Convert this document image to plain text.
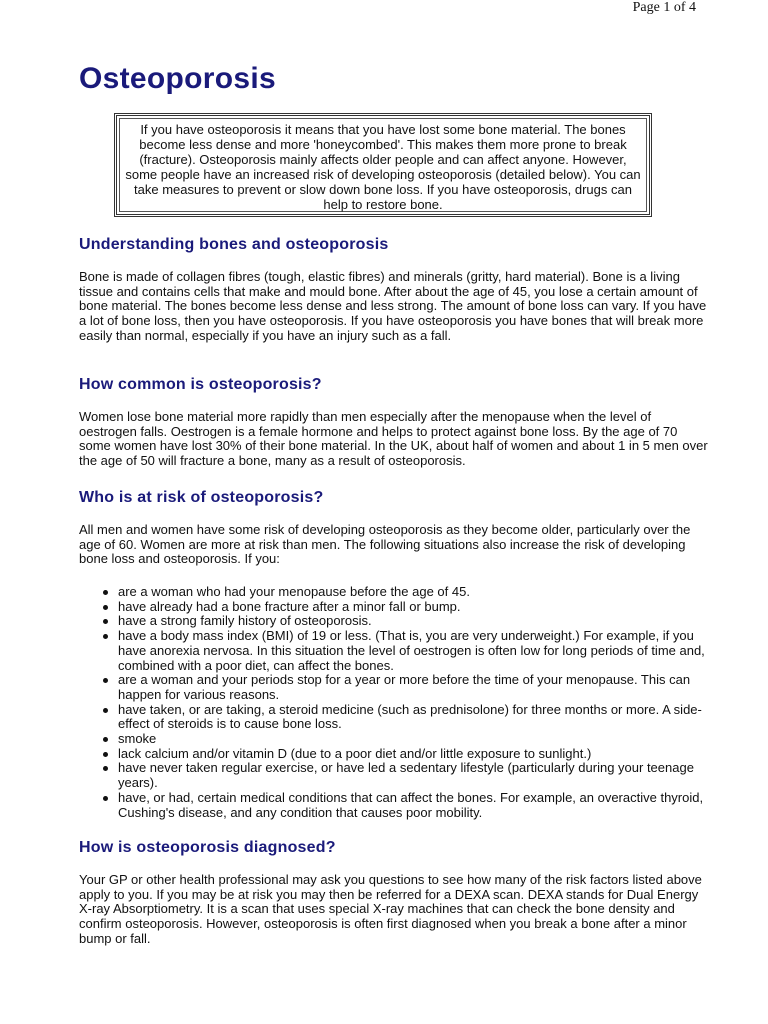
Page 1 of 4
Osteoporosis

If you have osteoporosis it means that you have lost some bone material. The bones become less dense and more 'honeycombed'. This makes them more prone to break (fracture). Osteoporosis mainly affects older people and can affect anyone. However, some people have an increased risk of developing osteoporosis (detailed below). You can take measures to prevent or slow down bone loss. If you have osteoporosis, drugs can help to restore bone.

Understanding bones and osteoporosis

Bone is made of collagen fibres (tough, elastic fibres) and minerals (gritty, hard material). Bone is a living tissue and contains cells that make and mould bone. After about the age of 45, you lose a certain amount of bone material. The bones become less dense and less strong. The amount of bone loss can vary. If you have a lot of bone loss, then you have osteoporosis. If you have osteoporosis you have bones that will break more easily than normal, especially if you have an injury such as a fall.

How common is osteoporosis?

Women lose bone material more rapidly than men especially after the menopause when the level of oestrogen falls. Oestrogen is a female hormone and helps to protect against bone loss. By the age of 70 some women have lost 30% of their bone material. In the UK, about half of women and about 1 in 5 men over the age of 50 will fracture a bone, many as a result of osteoporosis.

Who is at risk of osteoporosis?

All men and women have some risk of developing osteoporosis as they become older, particularly over the age of 60. Women are more at risk than men. The following situations also increase the risk of developing bone loss and osteoporosis. If you:

are a woman who had your menopause before the age of 45.
have already had a bone fracture after a minor fall or bump.
have a strong family history of osteoporosis.
have a body mass index (BMI) of 19 or less. (That is, you are very underweight.) For example, if you have anorexia nervosa. In this situation the level of oestrogen is often low for long periods of time and, combined with a poor diet, can affect the bones.
are a woman and your periods stop for a year or more before the time of your menopause. This can happen for various reasons.
have taken, or are taking, a steroid medicine (such as prednisolone) for three months or more. A side-effect of steroids is to cause bone loss.
smoke
lack calcium and/or vitamin D (due to a poor diet and/or little exposure to sunlight.)
have never taken regular exercise, or have led a sedentary lifestyle (particularly during your teenage years).
have, or had, certain medical conditions that can affect the bones. For example, an overactive thyroid, Cushing's disease, and any condition that causes poor mobility.
How is osteoporosis diagnosed?

Your GP or other health professional may ask you questions to see how many of the risk factors listed above apply to you. If you may be at risk you may then be referred for a DEXA scan. DEXA stands for Dual Energy X-ray Absorptiometry. It is a scan that uses special X-ray machines that can check the bone density and confirm osteoporosis. However, osteoporosis is often first diagnosed when you break a bone after a minor bump or fall.
